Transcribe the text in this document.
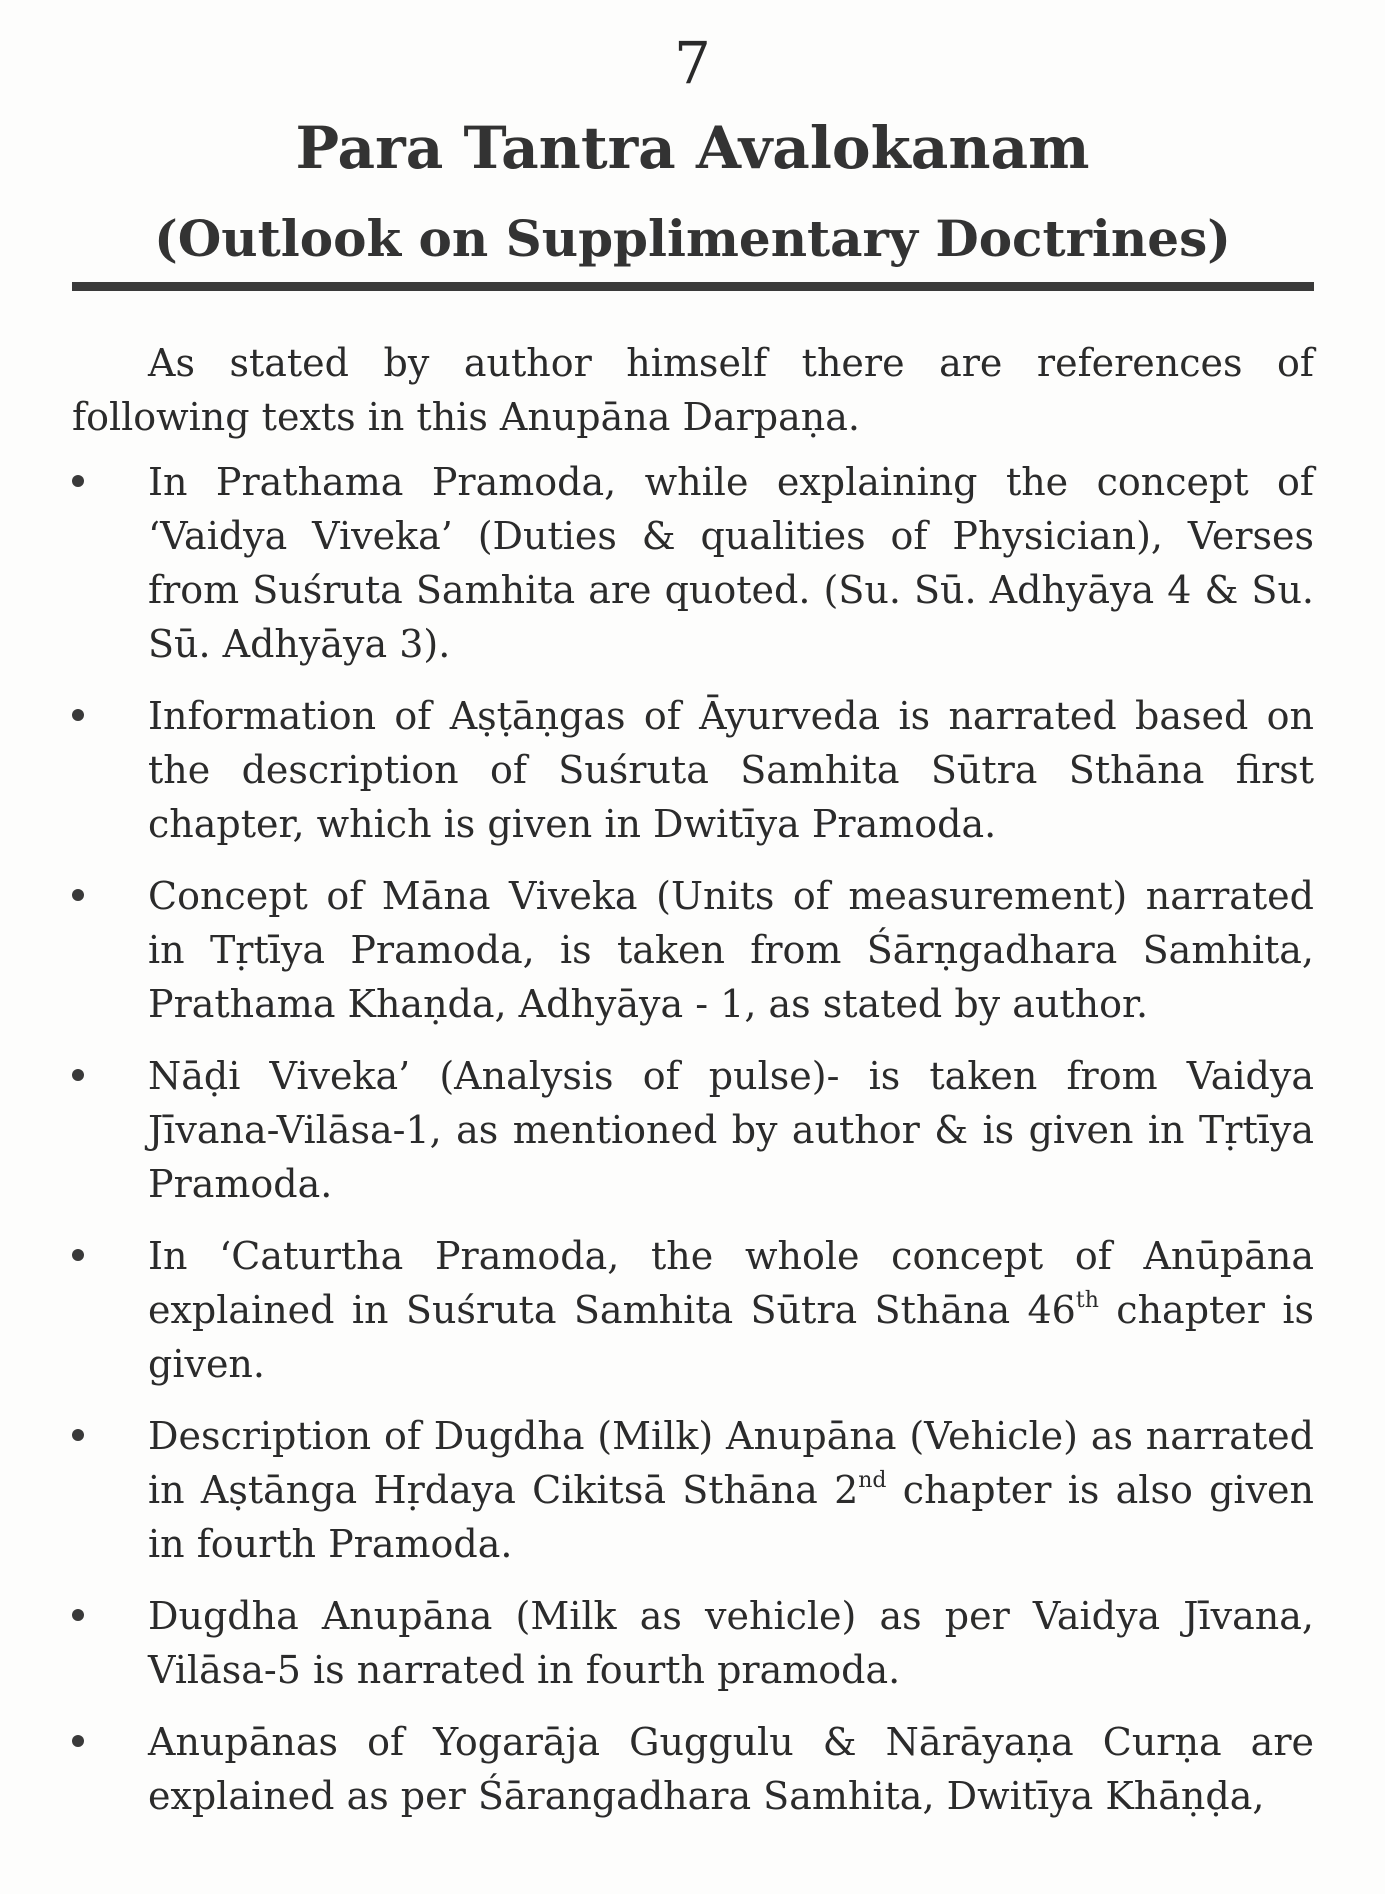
7
Para Tantra Avalokanam
(Outlook on Supplimentary Doctrines)

As stated by author himself there are references of following texts in this Anupāna Darpaṇa.

In Prathama Pramoda, while explaining the concept of ‘Vaidya Viveka’ (Duties & qualities of Physician), Verses from Suśruta Samhita are quoted. (Su. Sū. Adhyāya 4 & Su. Sū. Adhyāya 3).
Information of Aṣṭāṇgas of Āyurveda is narrated based on the description of Suśruta Samhita Sūtra Sthāna first chapter, which is given in Dwitīya Pramoda.
Concept of Māna Viveka (Units of measurement) narrated in Tṛtīya Pramoda, is taken from Śārṇgadhara Samhita, Prathama Khaṇda, Adhyāya - 1, as stated by author.
Nāḍi Viveka’ (Analysis of pulse)- is taken from Vaidya Jīvana-Vilāsa-1, as mentioned by author & is given in Tṛtīya Pramoda.
In ‘Caturtha Pramoda, the whole concept of Anūpāna explained in Suśruta Samhita Sūtra Sthāna 46th chapter is given.
Description of Dugdha (Milk) Anupāna (Vehicle) as narrated in Aṣtānga Hṛdaya Cikitsā Sthāna 2nd chapter is also given in fourth Pramoda.
Dugdha Anupāna (Milk as vehicle) as per Vaidya Jīvana, Vilāsa-5 is narrated in fourth pramoda.
Anupānas of Yogarāja Guggulu & Nārāyaṇa Curṇa are explained as per Śārangadhara Samhita, Dwitīya Khāṇḍa,
